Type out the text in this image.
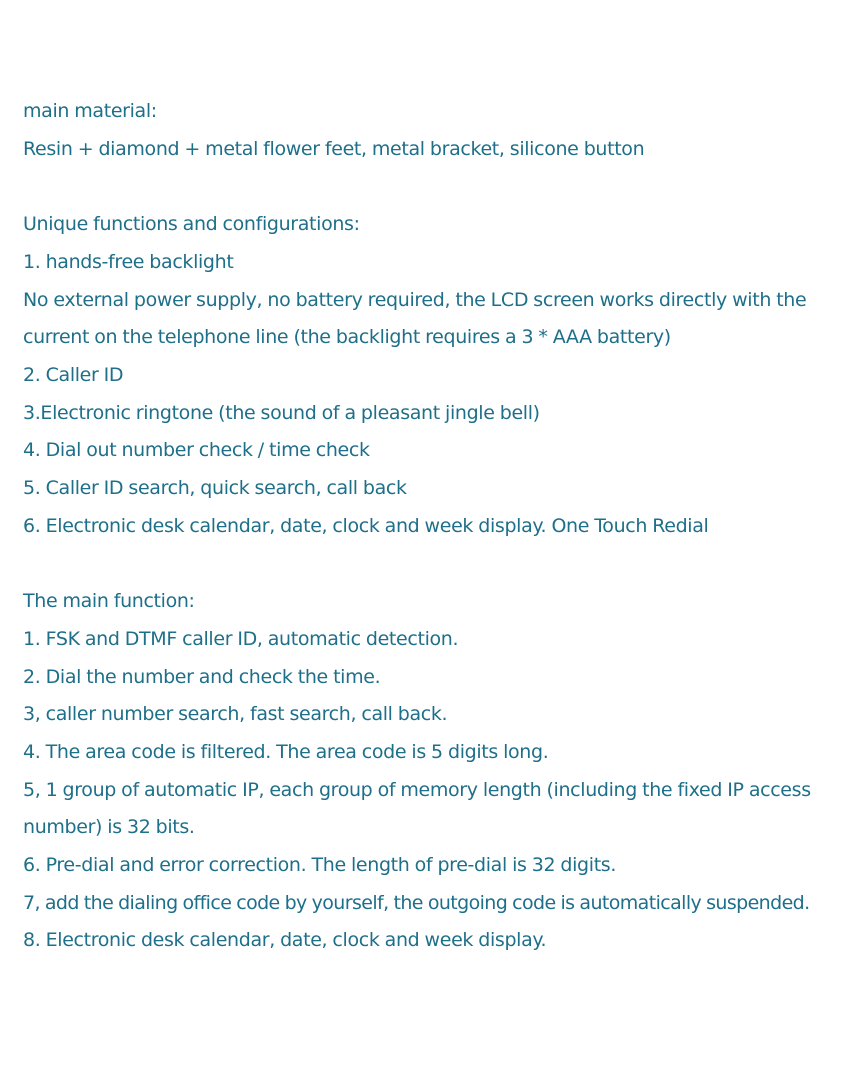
main material:
Resin + diamond + metal flower feet, metal bracket, silicone button
Unique functions and configurations:
1. hands-free backlight
No external power supply, no battery required, the LCD screen works directly with the current on the telephone line (the backlight requires a 3 * AAA battery)
2. Caller ID
3.Electronic ringtone (the sound of a pleasant jingle bell)
4. Dial out number check / time check
5. Caller ID search, quick search, call back
6. Electronic desk calendar, date, clock and week display. One Touch Redial
The main function:
1. FSK and DTMF caller ID, automatic detection.
2. Dial the number and check the time.
3, caller number search, fast search, call back.
4. The area code is filtered. The area code is 5 digits long.
5, 1 group of automatic IP, each group of memory length (including the fixed IP access number) is 32 bits.
6. Pre-dial and error correction. The length of pre-dial is 32 digits.
7, add the dialing office code by yourself, the outgoing code is automatically suspended.
8. Electronic desk calendar, date, clock and week display.
